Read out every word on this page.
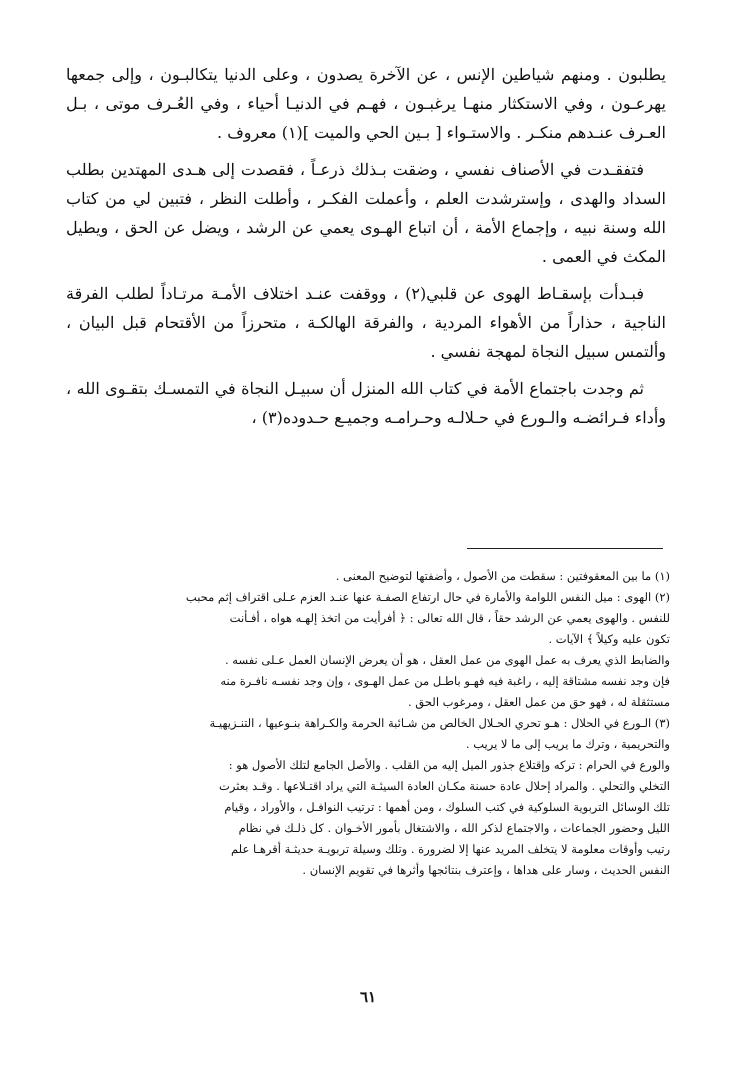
يطلبون . ومنهم شياطين الإنس ، عن الآخرة يصدون ، وعلى الدنيا يتكالبـون ، وإلى جمعها يهرعـون ، وفي الاستكثار منهـا يرغبـون ، فهـم في الدنيـا أحياء ، وفي العُـرف موتى ، بـل العـرف عنـدهم منكـر . والاستـواء [ بـين الحي والميت ](١) معروف .

فتفقـدت في الأصناف نفسي ، وضقت بـذلك ذرعـاً ، فقصدت إلى هـدى المهتدين بطلب السداد والهدى ، وإسترشدت العلم ، وأعملت الفكـر ، وأطلت النظر ، فتبين لي من كتاب الله وسنة نبيه ، وإجماع الأمة ، أن اتباع الهـوى يعمي عن الرشد ، ويضل عن الحق ، ويطيل المكث في العمى .

فبـدأت بإسقـاط الهوى عن قلبي(٢) ، ووقفت عنـد اختلاف الأمـة مرتـاداً لطلب الفرقة الناجية ، حذاراً من الأهواء المردية ، والفرقة الهالكـة ، متحرزاً من الأقتحام قبل البيان ، وألتمس سبيل النجاة لمهجة نفسي .

ثم وجدت باجتماع الأمة في كتاب الله المنزل أن سبيـل النجاة في التمسـك بتقـوى الله ، وأداء فـرائضـه والـورع في حـلالـه وحـرامـه وجميـع حـدوده(٣) ،

(١) ما بين المعقوفتين : سقطت من الأصول ، وأضفتها لتوضيح المعنى .

(٢) الهوى : ميل النفس اللوامة والأمارة في حال ارتفاع الصفـة عنها عنـد العزم عـلى اقتراف إثم محبب

للنفس . والهوى يعمي عن الرشد حقاً ، قال الله تعالى : ﴿ أفرأيت من اتخذ إلهـه هواه ، أفـأنت

تكون عليه وكيلاً ﴾ الآيات .

والضابط الذي يعرف به عمل الهوى من عمل العقل ، هو أن يعرض الإنسان العمل عـلى نفسه .

فإن وجد نفسه مشتاقة إليه ، راغبة فيه فهـو باطـل من عمل الهـوى ، وإن وجد نفسـه نافـرة منه

مستثقلة له ، فهو حق من عمل العقل ، ومرغوب الحق .

(٣) الـورع في الحلال : هـو تحري الحـلال الخالص من شـائبة الحرمة والكـراهة بنـوعيها ، التنـزيهيـة

والتحريمية ، وترك ما يريب إلى ما لا يريب .

والورع في الحرام : تركه وإقتلاع جذور الميل إليه من القلب . والأصل الجامع لتلك الأصول هو :

التخلي والتحلي . والمراد إحلال عادة حسنة مكـان العادة السيئـة التي يراد اقتـلاعها . وقـد بعثرت

تلك الوسائل التربوية السلوكية في كتب السلوك ، ومن أهمها : ترتيب النوافـل ، والأوراد ، وقيام

الليل وحضور الجماعات ، والاجتماع لذكر الله ، والاشتغال بأمور الأخـوان . كل ذلـك في نظام

رتيب وأوقات معلومة لا يتخلف المريد عنها إلا لضرورة . وتلك وسيلة تربويـة حديثـة أقرهـا علم

النفس الحديث ، وسار على هداها ، وإعترف بنتائجها وأثرها في تقويم الإنسان .

٦١
